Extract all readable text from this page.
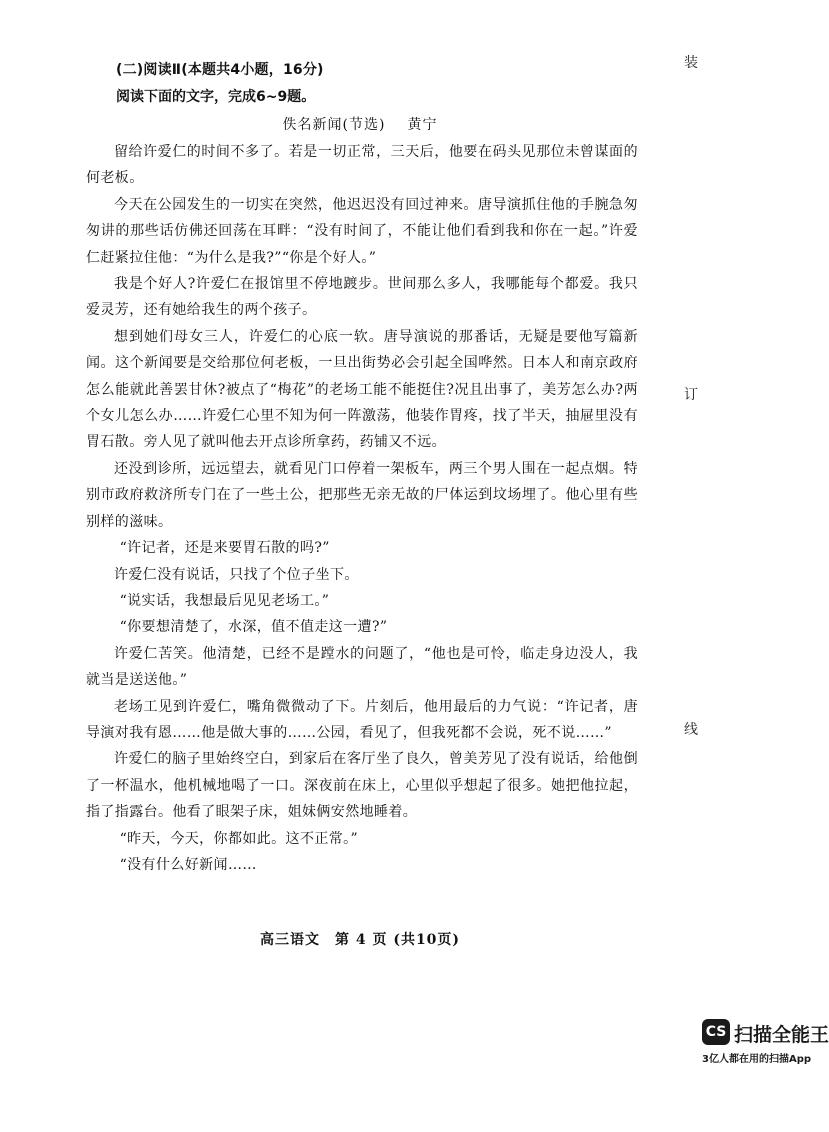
(二)阅读Ⅱ(本题共4小题，16分)
阅读下面的文字，完成6~9题。
佚名新闻(节选) 黄宁

留给许爱仁的时间不多了。若是一切正常，三天后，他要在码头见那位未曾谋面的何老板。

今天在公园发生的一切实在突然，他迟迟没有回过神来。唐导演抓住他的手腕急匆匆讲的那些话仿佛还回荡在耳畔：“没有时间了，不能让他们看到我和你在一起。”许爱仁赶紧拉住他：“为什么是我?”“你是个好人。”

我是个好人?许爱仁在报馆里不停地踱步。世间那么多人，我哪能每个都爱。我只爱灵芳，还有她给我生的两个孩子。

想到她们母女三人，许爱仁的心底一软。唐导演说的那番话，无疑是要他写篇新闻。这个新闻要是交给那位何老板，一旦出街势必会引起全国哗然。日本人和南京政府怎么能就此善罢甘休?被点了“梅花”的老场工能不能挺住?况且出事了，美芳怎么办?两个女儿怎么办……许爱仁心里不知为何一阵激荡，他装作胃疼，找了半天，抽屉里没有胃石散。旁人见了就叫他去开点诊所拿药，药铺又不远。

还没到诊所，远远望去，就看见门口停着一架板车，两三个男人围在一起点烟。特别市政府救济所专门在了一些土公，把那些无亲无故的尸体运到坟场埋了。他心里有些别样的滋味。

“许记者，还是来要胃石散的吗?”

许爱仁没有说话，只找了个位子坐下。

“说实话，我想最后见见老场工。”

“你要想清楚了，水深，值不值走这一遭?”

许爱仁苦笑。他清楚，已经不是蹚水的问题了，“他也是可怜，临走身边没人，我就当是送送他。”

老场工见到许爱仁，嘴角微微动了下。片刻后，他用最后的力气说：“许记者，唐导演对我有恩……他是做大事的……公园，看见了，但我死都不会说，死不说……”

许爱仁的脑子里始终空白，到家后在客厅坐了良久，曾美芳见了没有说话，给他倒了一杯温水，他机械地喝了一口。深夜前在床上，心里似乎想起了很多。她把他拉起，指了指露台。他看了眼架子床，姐妹俩安然地睡着。

“昨天，今天，你都如此。这不正常。”

“没有什么好新闻……

高三语文　第 4 页 (共10页)
装
订
线
CS 扫描全能王
3亿人都在用的扫描App
